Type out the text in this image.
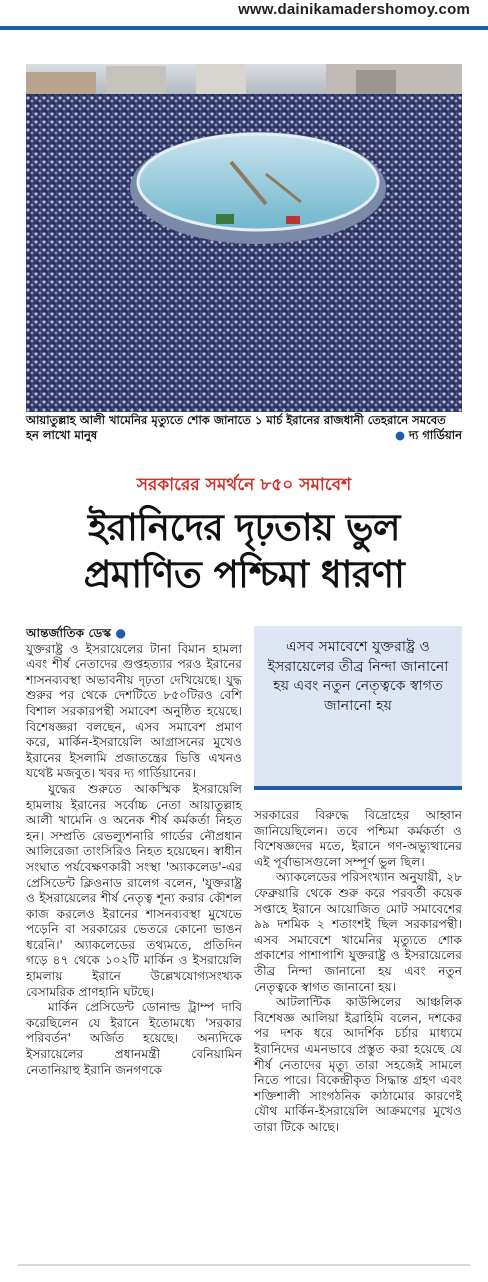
www.dainikamadershomoy.com
আয়াতুল্লাহ আলী খামেনির মৃত্যুতে শোক জানাতে ১ মার্চ ইরানের রাজধানী তেহরানে সমবেত হন লাখো মানুষ	● দ্য গার্ডিয়ান
সরকারের সমর্থনে ৮৫০ সমাবেশ
ইরানিদের দৃঢ়তায় ভুল
প্রমাণিত পশ্চিমা ধারণা

আন্তর্জাতিক ডেস্ক ●

যুক্তরাষ্ট্র ও ইসরায়েলের টানা বিমান হামলা এবং শীর্ষ নেতাদের গুপ্তহত্যার পরও ইরানের শাসনব্যবস্থা অভাবনীয় দৃঢ়তা দেখিয়েছে। যুদ্ধ শুরুর পর থেকে দেশটিতে ৮৫০টিরও বেশি বিশাল সরকারপন্থী সমাবেশ অনুষ্ঠিত হয়েছে। বিশেষজ্ঞরা বলছেন, এসব সমাবেশ প্রমাণ করে, মার্কিন-ইসরায়েলি আগ্রাসনের মুখেও ইরানের ইসলামি প্রজাতন্ত্রের ভিত্তি এখনও যথেষ্ট মজবুত। খবর দ্য গার্ডিয়ানের।

যুদ্ধের শুরুতে আকস্মিক ইসরায়েলি হামলায় ইরানের সর্বোচ্চ নেতা আয়াতুল্লাহ আলী খামেনি ও অনেক শীর্ষ কর্মকর্তা নিহত হন। সম্প্রতি রেভল্যুশনারি গার্ডের নৌপ্রধান আলিরেজা তাংসিরিও নিহত হয়েছেন। স্বাধীন সংঘাত পর্যবেক্ষণকারী সংস্থা 'অ্যাকলেড'-এর প্রেসিডেন্ট ক্লিওনাড রালেগ বলেন, 'যুক্তরাষ্ট্র ও ইসরায়েলের শীর্ষ নেতৃত্ব শূন্য করার কৌশল কাজ করলেও ইরানের শাসনব্যবস্থা মুখেভে পড়েনি বা সরকারের ভেতরে কোনো ভাঙন ধরেনি।' অ্যাকলেডের তথ্যমতে, প্রতিদিন গড়ে ৪৭ থেকে ১০২টি মার্কিন ও ইসরায়েলি হামলায় ইরানে উল্লেখযোগ্যসংখ্যক বেসামরিক প্রাণহানি ঘটছে।

মার্কিন প্রেসিডেন্ট ডোনাল্ড ট্রাম্প দাবি করেছিলেন যে ইরানে ইতোমধ্যে 'সরকার পরিবর্তন' অর্জিত হয়েছে। অন্যদিকে ইসরায়েলের প্রধানমন্ত্রী বেনিয়ামিন নেতানিয়াহু ইরানি জনগণকে

এসব সমাবেশে যুক্তরাষ্ট্র ও ইসরায়েলের তীব্র নিন্দা জানানো হয় এবং নতুন নেতৃত্বকে স্বাগত জানানো হয়

সরকারের বিরুদ্ধে বিদ্রোহের আহ্বান জানিয়েছিলেন। তবে পশ্চিমা কর্মকর্তা ও বিশেষজ্ঞদের মতে, ইরানে গণ-অভ্যুত্থানের এই পূর্বাভাসগুলো সম্পূর্ণ ভুল ছিল।

অ্যাকলেডের পরিসংখ্যান অনুযায়ী, ২৮ ফেব্রুয়ারি থেকে শুরু করে পরবর্তী কয়েক সপ্তাহে ইরানে আয়োজিত মোট সমাবেশের ৯৯ দশমিক ২ শতাংশই ছিল সরকারপন্থী। এসব সমাবেশে খামেনির মৃত্যুতে শোক প্রকাশের পাশাপাশি যুক্তরাষ্ট্র ও ইসরায়েলের তীব্র নিন্দা জানানো হয় এবং নতুন নেতৃত্বকে স্বাগত জানানো হয়।

আটলান্টিক কাউন্সিলের আঞ্চলিক বিশেষজ্ঞ আলিয়া ইব্রাহিমি বলেন, দশকের পর দশক ধরে আদর্শিক চর্চার মাধ্যমে ইরানিদের এমনভাবে প্রস্তুত করা হয়েছে যে শীর্ষ নেতাদের মৃত্যু তারা সহজেই সামলে নিতে পারে। বিকেন্দ্রীকৃত সিদ্ধান্ত গ্রহণ এবং শক্তিশালী সাংগঠনিক কাঠামোর কারণেই যৌথ মার্কিন-ইসরায়েলি আক্রমণের মুখেও তারা টিকে আছে।
